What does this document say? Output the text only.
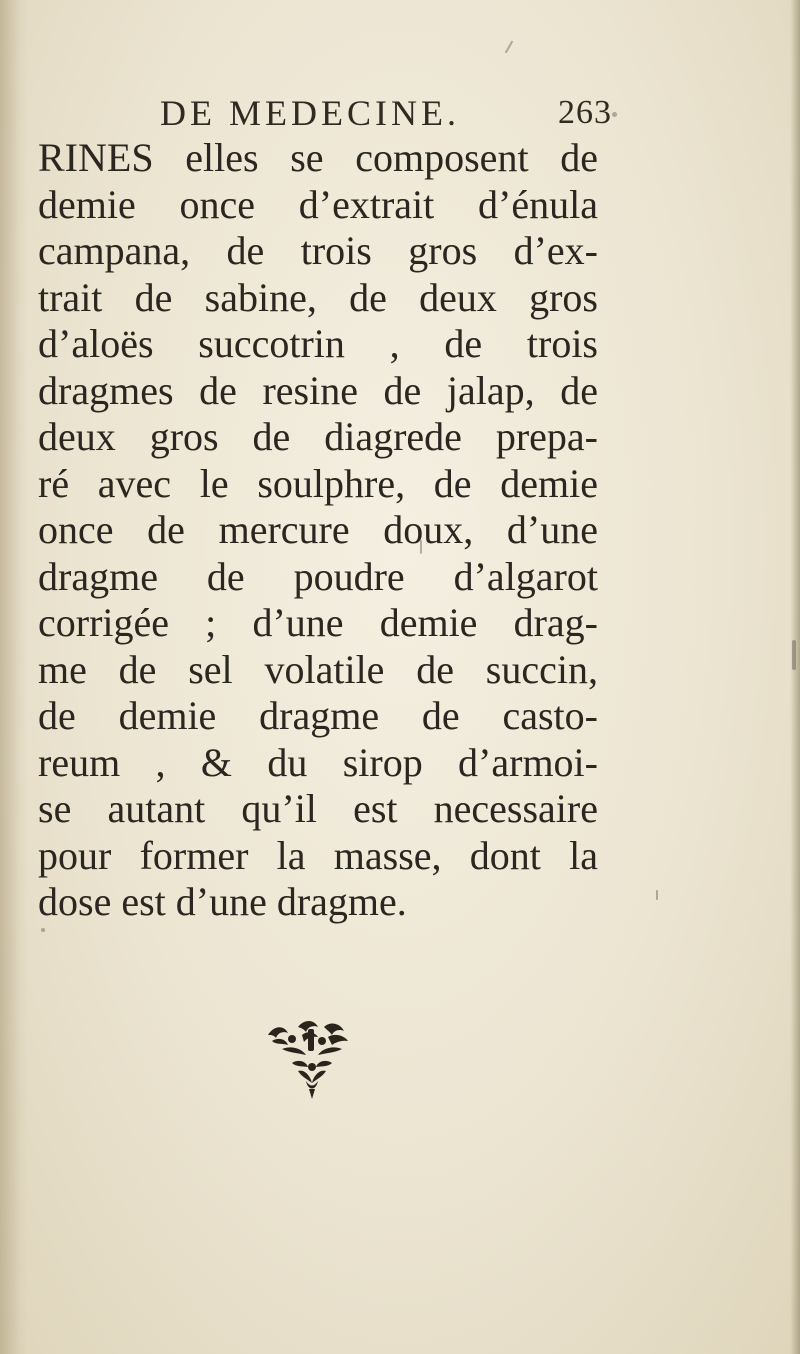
DE MEDECINE.	263
RINES elles se composent de
demie once d’extrait d’énula
campana, de trois gros d’ex-
trait de sabine, de deux gros
d’aloës succotrin , de trois
dragmes de resine de jalap, de
deux gros de diagrede prepa-
ré avec le soulphre, de demie
once de mercure doux, d’une
dragme de poudre d’algarot
corrigée ; d’une demie drag-
me de sel volatile de succin,
de demie dragme de casto-
reum , & du sirop d’armoi-
se autant qu’il est necessaire
pour former la masse, dont la
dose est d’une dragme.
